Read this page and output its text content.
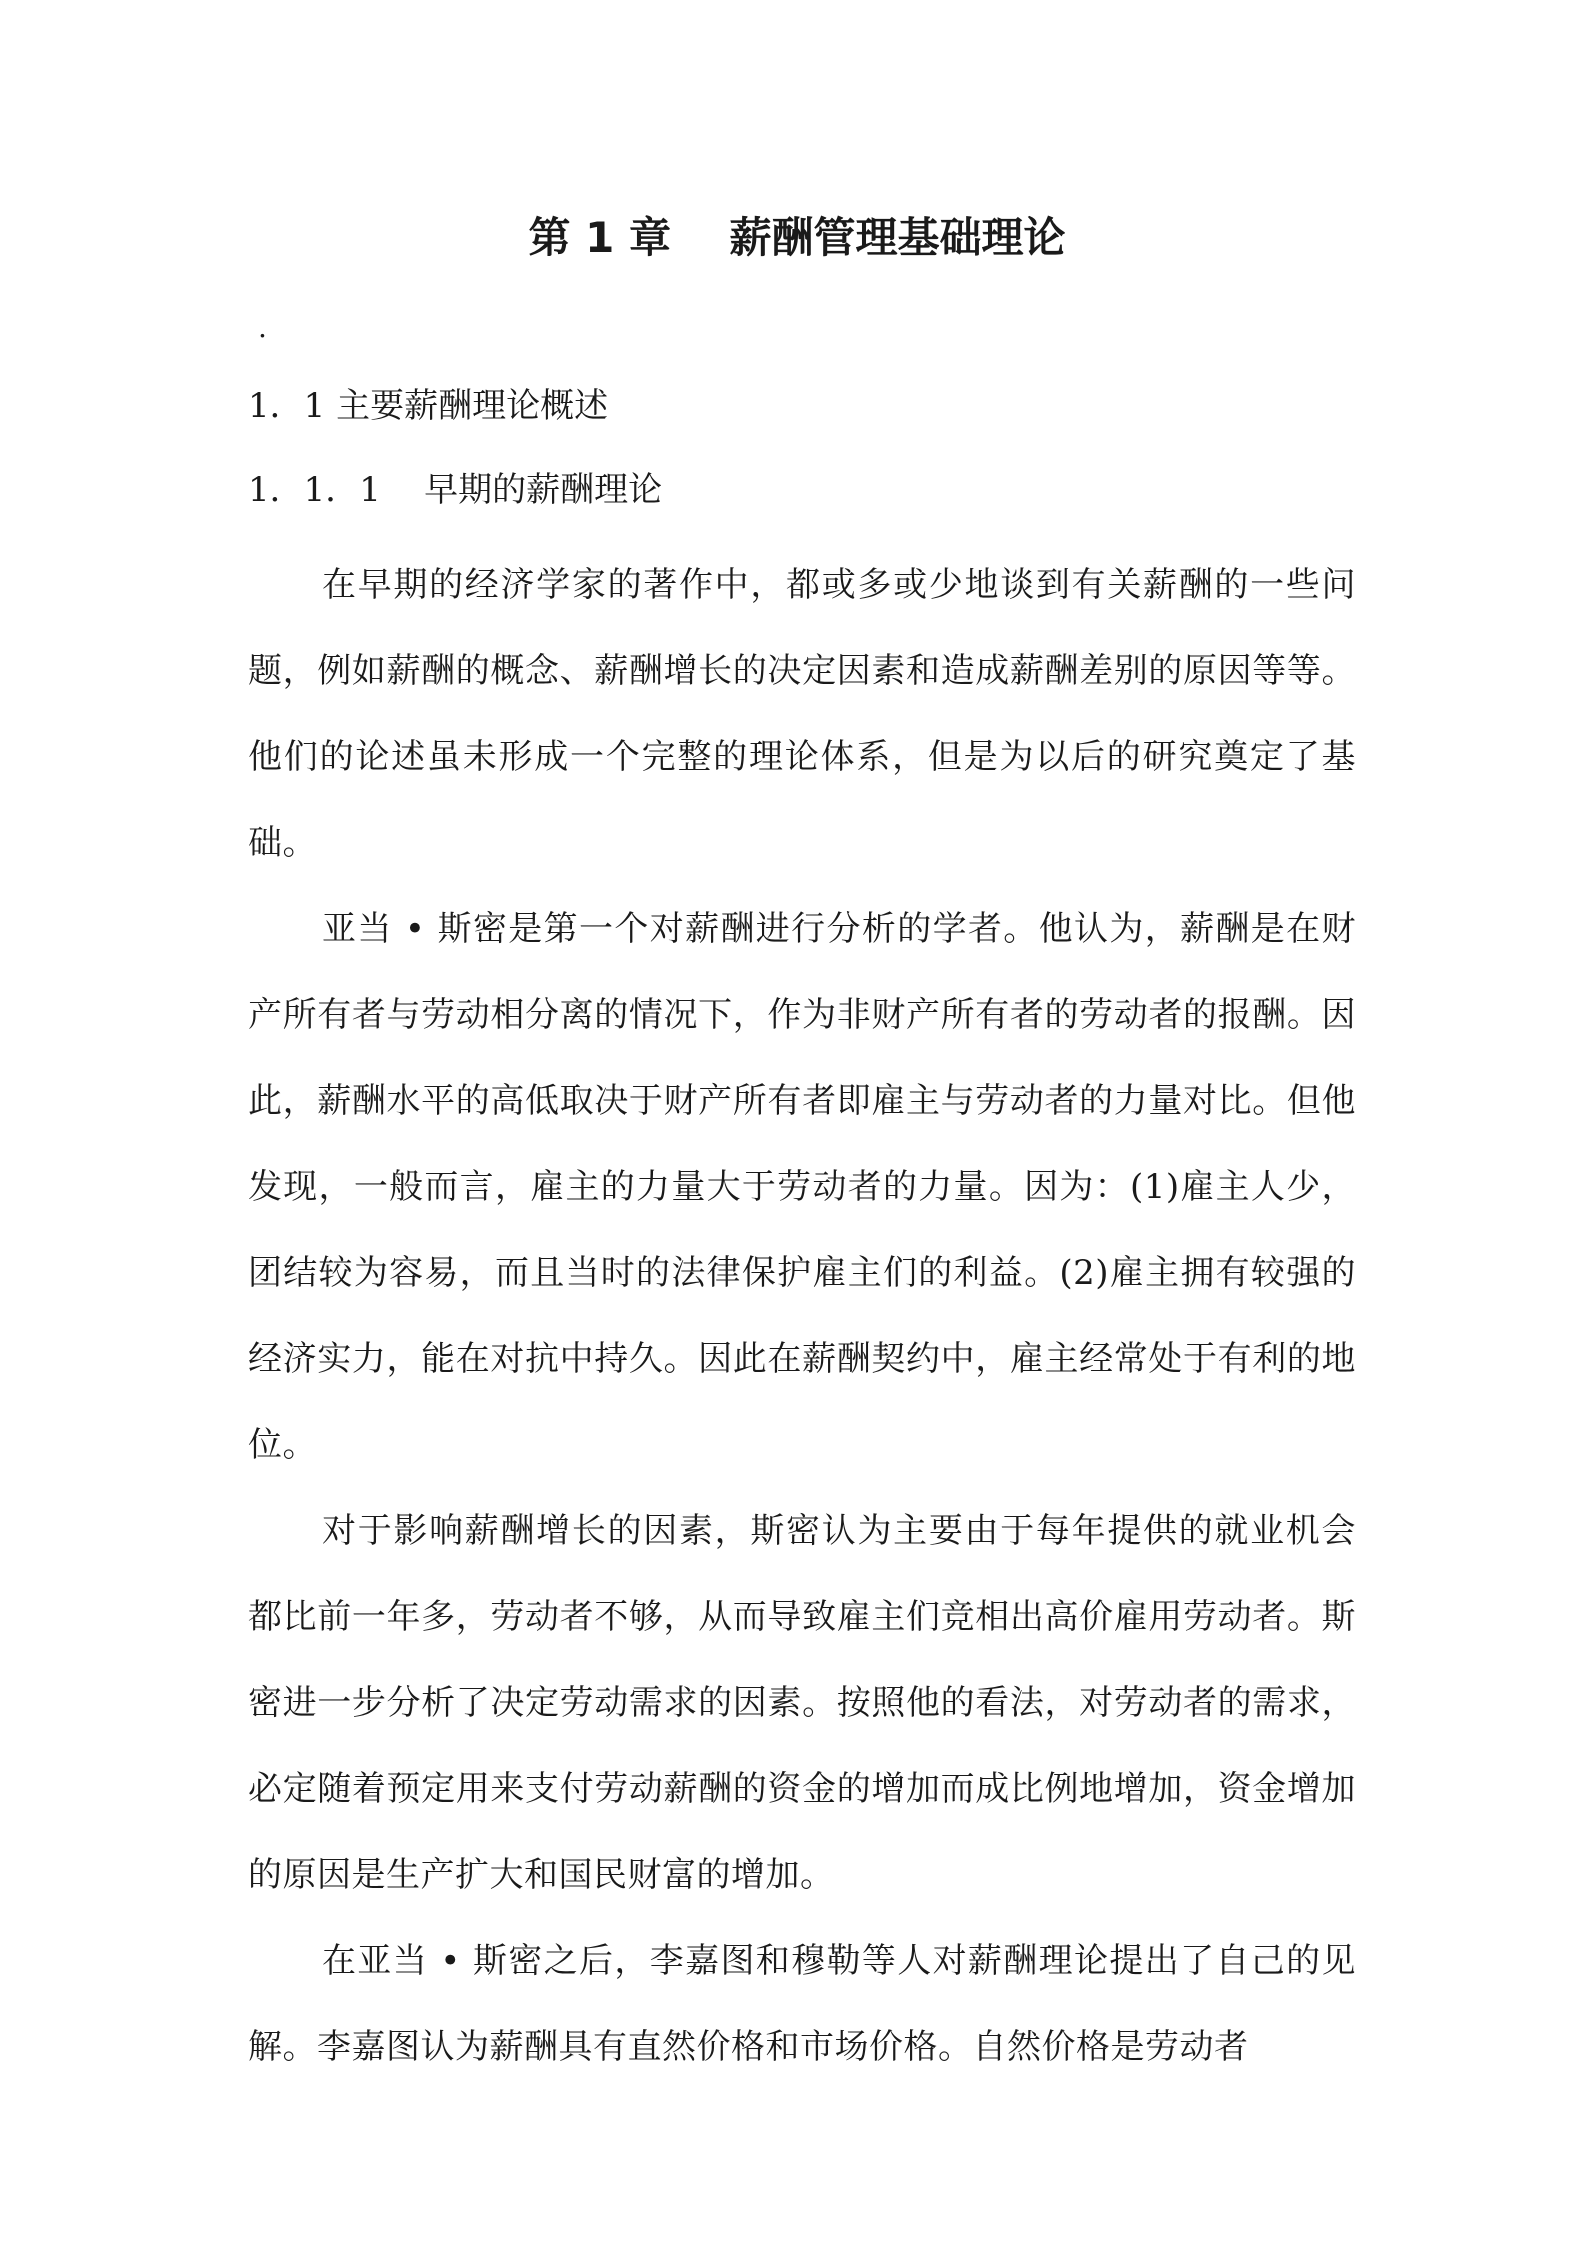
第 1 章    薪酬管理基础理论
.
1．1 主要薪酬理论概述
1．1．1    早期的薪酬理论

在早期的经济学家的著作中，都或多或少地谈到有关薪酬的一些问题，例如薪酬的概念、薪酬增长的决定因素和造成薪酬差别的原因等等。他们的论述虽未形成一个完整的理论体系，但是为以后的研究奠定了基础。

亚当 • 斯密是第一个对薪酬进行分析的学者。他认为，薪酬是在财产所有者与劳动相分离的情况下，作为非财产所有者的劳动者的报酬。因此，薪酬水平的高低取决于财产所有者即雇主与劳动者的力量对比。但他发现，一般而言，雇主的力量大于劳动者的力量。因为：(1)雇主人少，团结较为容易，而且当时的法律保护雇主们的利益。(2)雇主拥有较强的经济实力，能在对抗中持久。因此在薪酬契约中，雇主经常处于有利的地位。

对于影响薪酬增长的因素，斯密认为主要由于每年提供的就业机会都比前一年多，劳动者不够，从而导致雇主们竞相出高价雇用劳动者。斯密进一步分析了决定劳动需求的因素。按照他的看法，对劳动者的需求，必定随着预定用来支付劳动薪酬的资金的增加而成比例地增加，资金增加的原因是生产扩大和国民财富的增加。

在亚当 • 斯密之后，李嘉图和穆勒等人对薪酬理论提出了自己的见解。李嘉图认为薪酬具有直然价格和市场价格。自然价格是劳动者
